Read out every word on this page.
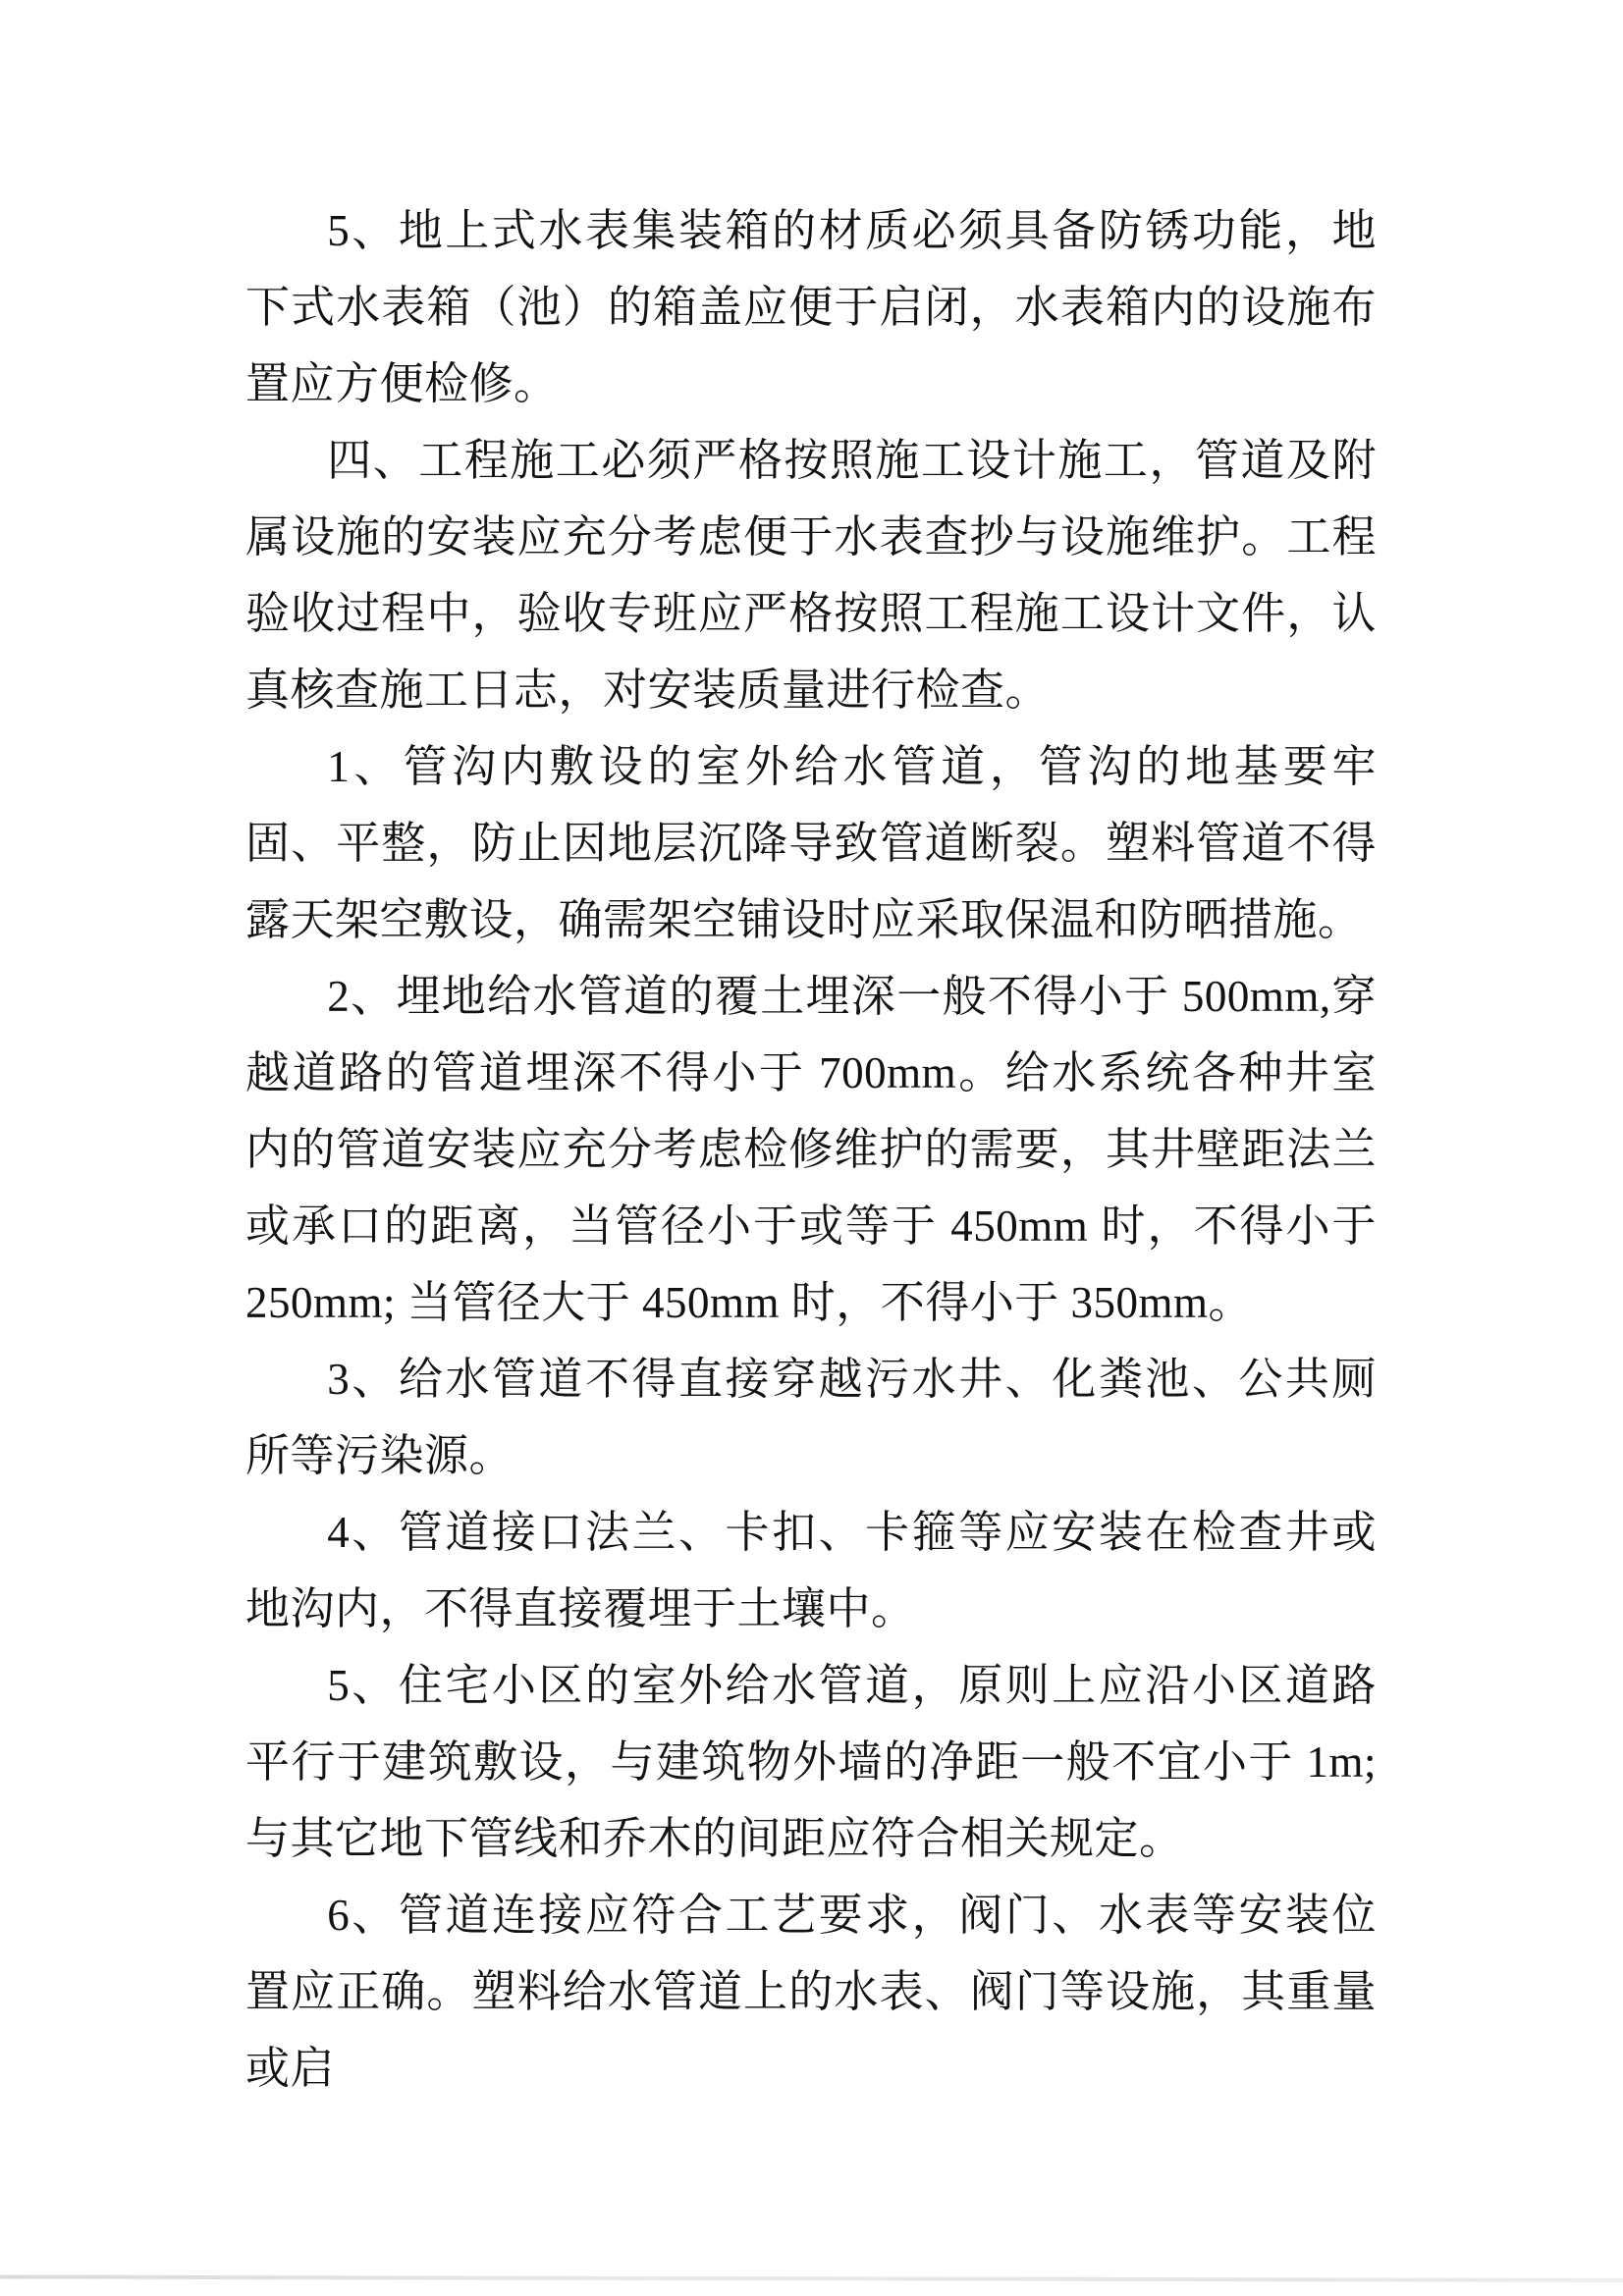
5、地上式水表集装箱的材质必须具备防锈功能，地下式水表箱（池）的箱盖应便于启闭，水表箱内的设施布置应方便检修。

四、工程施工必须严格按照施工设计施工，管道及附属设施的安装应充分考虑便于水表查抄与设施维护。工程验收过程中，验收专班应严格按照工程施工设计文件，认真核查施工日志，对安装质量进行检查。

1、管沟内敷设的室外给水管道，管沟的地基要牢固、平整，防止因地层沉降导致管道断裂。塑料管道不得露天架空敷设，确需架空铺设时应采取保温和防晒措施。

2、埋地给水管道的覆土埋深一般不得小于 500mm,穿越道路的管道埋深不得小于 700mm。给水系统各种井室内的管道安装应充分考虑检修维护的需要，其井壁距法兰或承口的距离，当管径小于或等于 450mm 时，不得小于 250mm; 当管径大于 450mm 时，不得小于 350mm。

3、给水管道不得直接穿越污水井、化粪池、公共厕所等污染源。

4、管道接口法兰、卡扣、卡箍等应安装在检查井或地沟内，不得直接覆埋于土壤中。

5、住宅小区的室外给水管道，原则上应沿小区道路平行于建筑敷设，与建筑物外墙的净距一般不宜小于 1m; 与其它地下管线和乔木的间距应符合相关规定。

6、管道连接应符合工艺要求，阀门、水表等安装位置应正确。塑料给水管道上的水表、阀门等设施，其重量或启
